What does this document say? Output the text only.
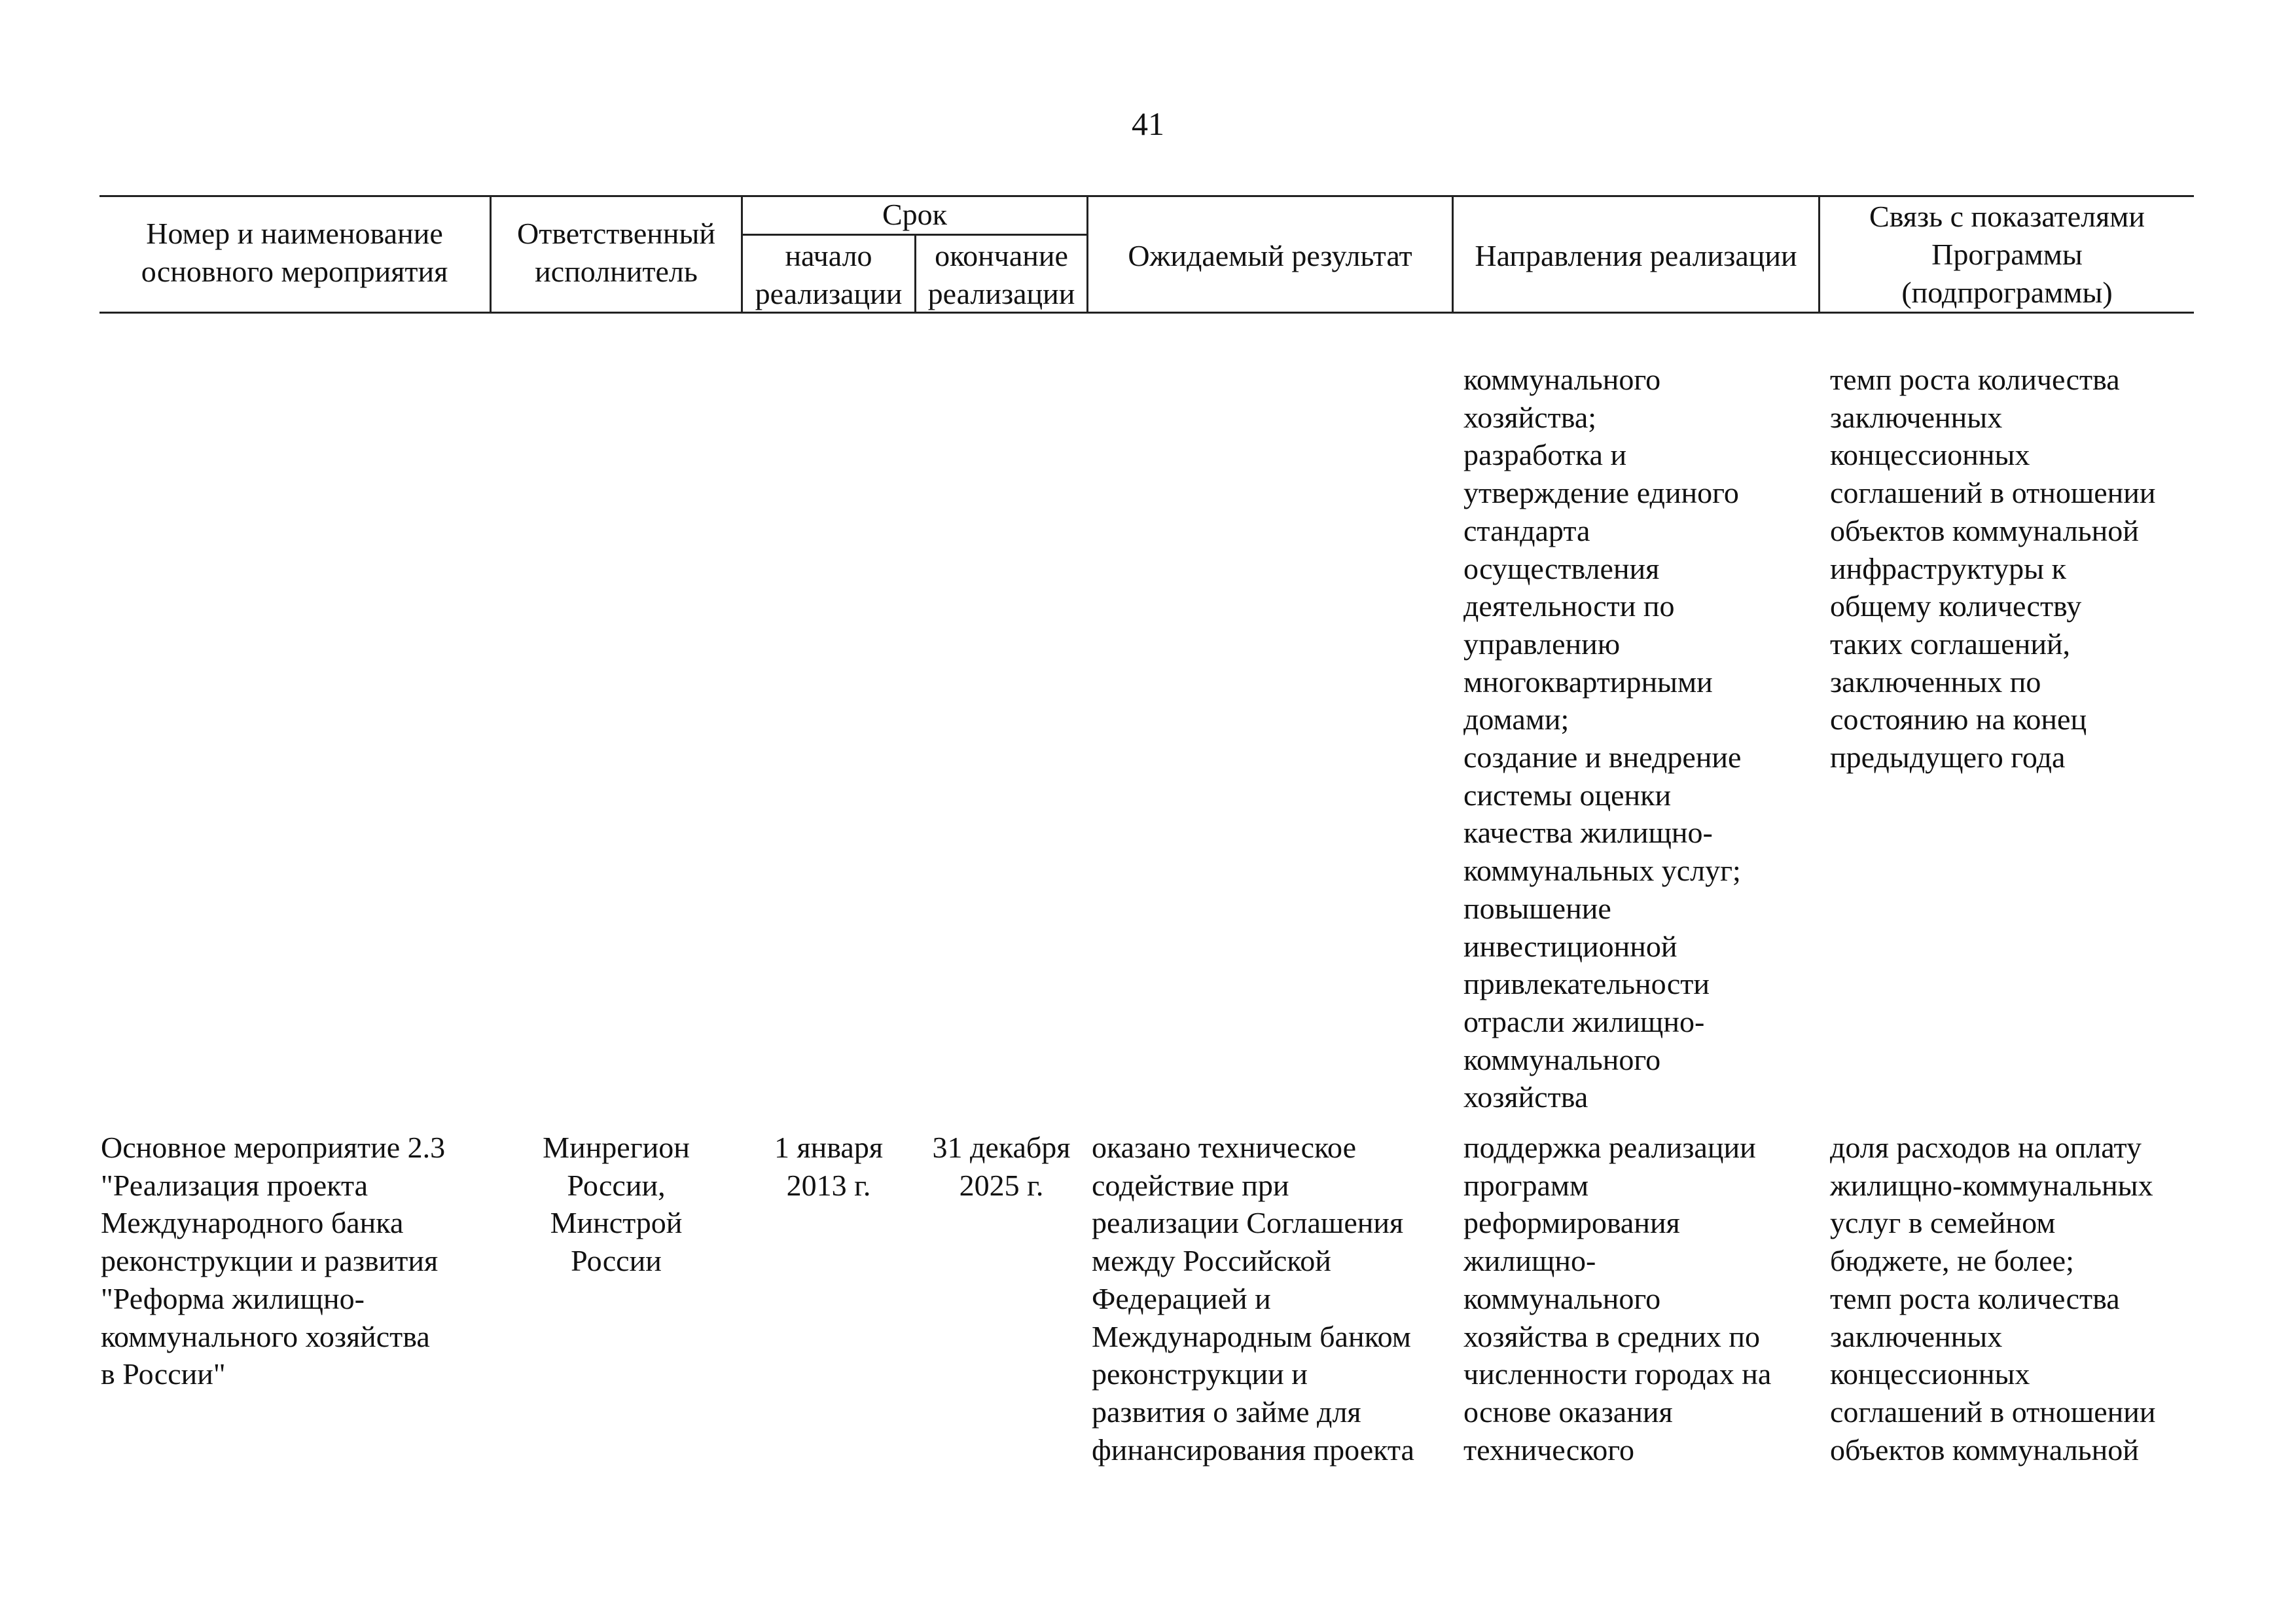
41
Номер и наименование
основного мероприятия
Ответственный
исполнитель
Срок
начало
реализации
окончание
реализации
Ожидаемый результат	Направления реализации
Связь с показателями
Программы
(подпрограммы)
коммунального
хозяйства;
разработка и
утверждение единого
стандарта
осуществления
деятельности по
управлению
многоквартирными
домами;
создание и внедрение
системы оценки
качества жилищно-
коммунальных услуг;
повышение
инвестиционной
привлекательности
отрасли жилищно-
коммунального
хозяйства
темп роста количества
заключенных
концессионных
соглашений в отношении
объектов коммунальной
инфраструктуры к
общему количеству
таких соглашений,
заключенных по
состоянию на конец
предыдущего года
Основное мероприятие 2.3
"Реализация проекта
Международного банка
реконструкции и развития
"Реформа жилищно-
коммунального хозяйства
в России"
Минрегион
России,
Минстрой
России
1 января
2013 г.
31 декабря
2025 г.
оказано техническое
содействие при
реализации Соглашения
между Российской
Федерацией и
Международным банком
реконструкции и
развития о займе для
финансирования проекта
поддержка реализации
программ
реформирования
жилищно-
коммунального
хозяйства в средних по
численности городах на
основе оказания
технического
доля расходов на оплату
жилищно-коммунальных
услуг в семейном
бюджете, не более;
темп роста количества
заключенных
концессионных
соглашений в отношении
объектов коммунальной
